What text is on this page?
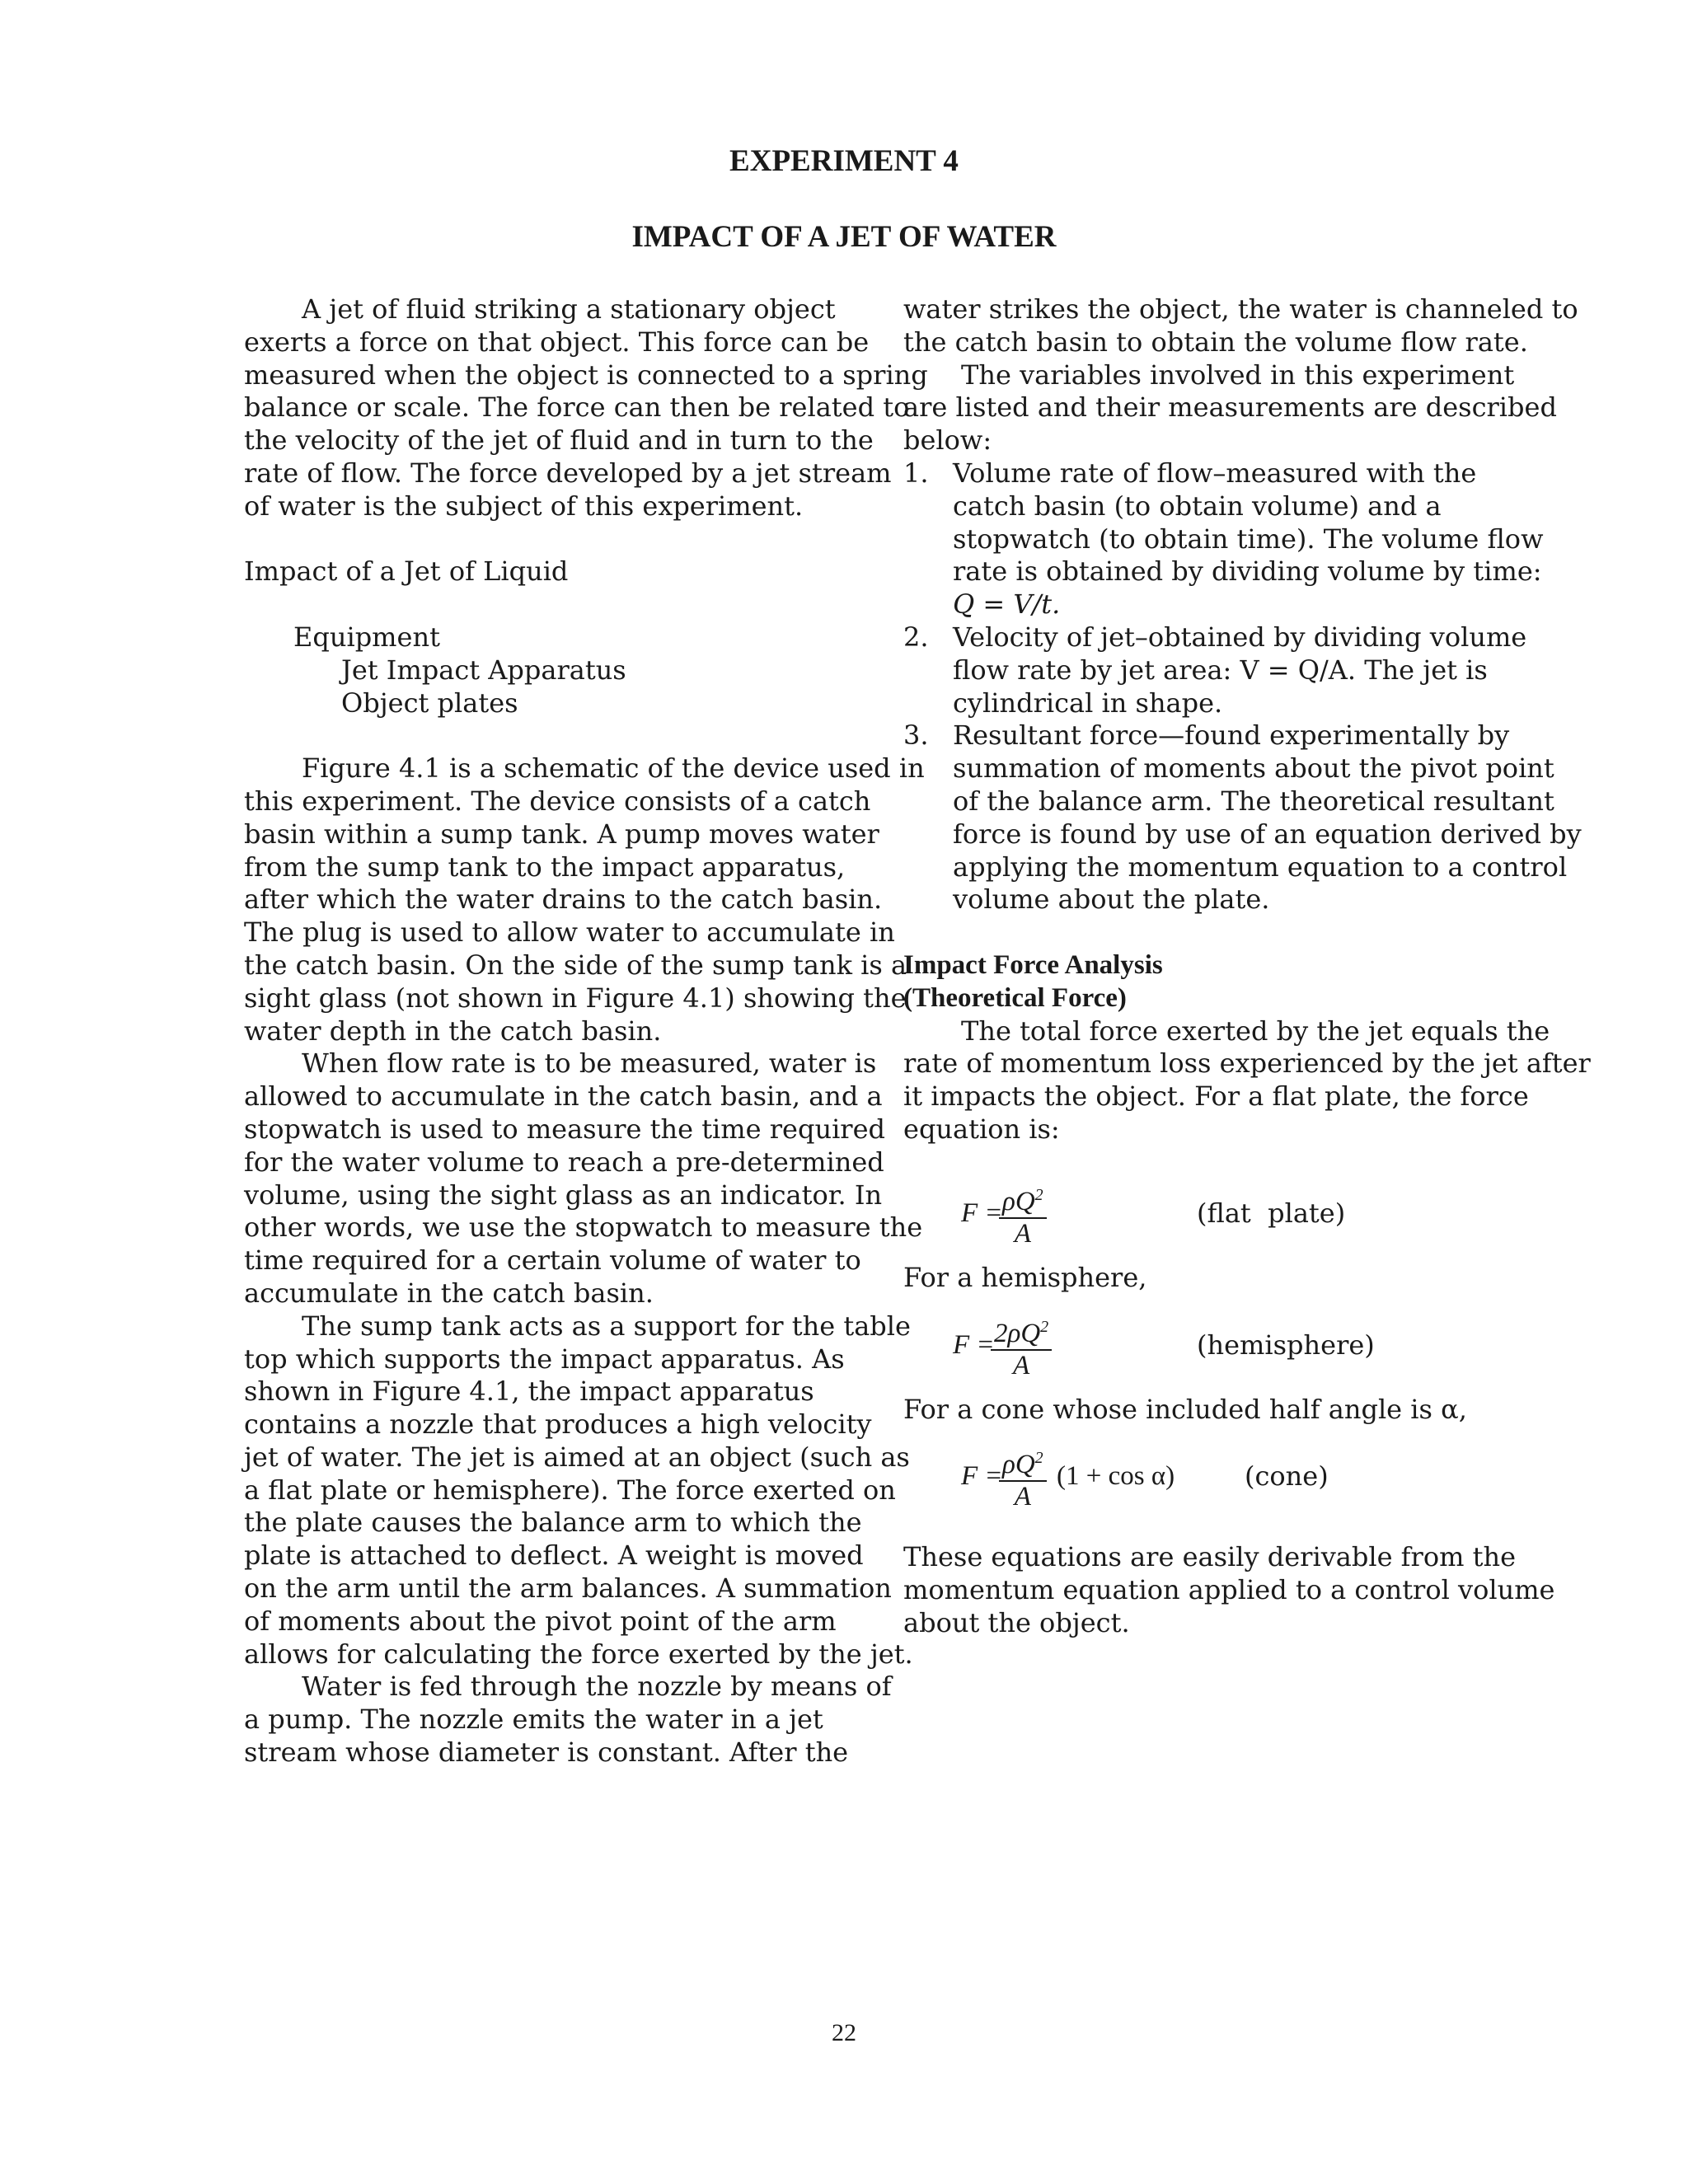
EXPERIMENT 4
IMPACT OF A JET OF WATER
A jet of fluid striking a stationary object
exerts a force on that object. This force can be
measured when the object is connected to a spring
balance or scale. The force can then be related to
the velocity of the jet of fluid and in turn to the
rate of flow. The force developed by a jet stream
of water is the subject of this experiment.
Impact of a Jet of Liquid
Equipment
Jet Impact Apparatus
Object plates
Figure 4.1 is a schematic of the device used in
this experiment. The device consists of a catch
basin within a sump tank. A pump moves water
from the sump tank to the impact apparatus,
after which the water drains to the catch basin.
The plug is used to allow water to accumulate in
the catch basin. On the side of the sump tank is a
sight glass (not shown in Figure 4.1) showing the
water depth in the catch basin.
When flow rate is to be measured, water is
allowed to accumulate in the catch basin, and a
stopwatch is used to measure the time required
for the water volume to reach a pre-determined
volume, using the sight glass as an indicator. In
other words, we use the stopwatch to measure the
time required for a certain volume of water to
accumulate in the catch basin.
The sump tank acts as a support for the table
top which supports the impact apparatus. As
shown in Figure 4.1, the impact apparatus
contains a nozzle that produces a high velocity
jet of water. The jet is aimed at an object (such as
a flat plate or hemisphere). The force exerted on
the plate causes the balance arm to which the
plate is attached to deflect. A weight is moved
on the arm until the arm balances. A summation
of moments about the pivot point of the arm
allows for calculating the force exerted by the jet.
Water is fed through the nozzle by means of
a pump. The nozzle emits the water in a jet
stream whose diameter is constant. After the
water strikes the object, the water is channeled to
the catch basin to obtain the volume flow rate.
The variables involved in this experiment
are listed and their measurements are described
below:
1. Volume rate of flow–measured with the
catch basin (to obtain volume) and a
stopwatch (to obtain time). The volume flow
rate is obtained by dividing volume by time:
Q = V/t.
2. Velocity of jet–obtained by dividing volume
flow rate by jet area: V = Q/A. The jet is
cylindrical in shape.
3. Resultant force—found experimentally by
summation of moments about the pivot point
of the balance arm. The theoretical resultant
force is found by use of an equation derived by
applying the momentum equation to a control
volume about the plate.
Impact Force Analysis
(Theoretical Force)
The total force exerted by the jet equals the
rate of momentum loss experienced by the jet after
it impacts the object. For a flat plate, the force
equation is:
F =
$\frac{\rho Q^2}{A}$	(flat  plate)
For a hemisphere,
F =
$\frac{2\rho Q^2}{A}$	(hemisphere)
For a cone whose included half angle is α,
F =
$\frac{\rho Q^2}{A} (1 + \cos \alpha)$	(cone)
These equations are easily derivable from the
momentum equation applied to a control volume
about the object.
22
